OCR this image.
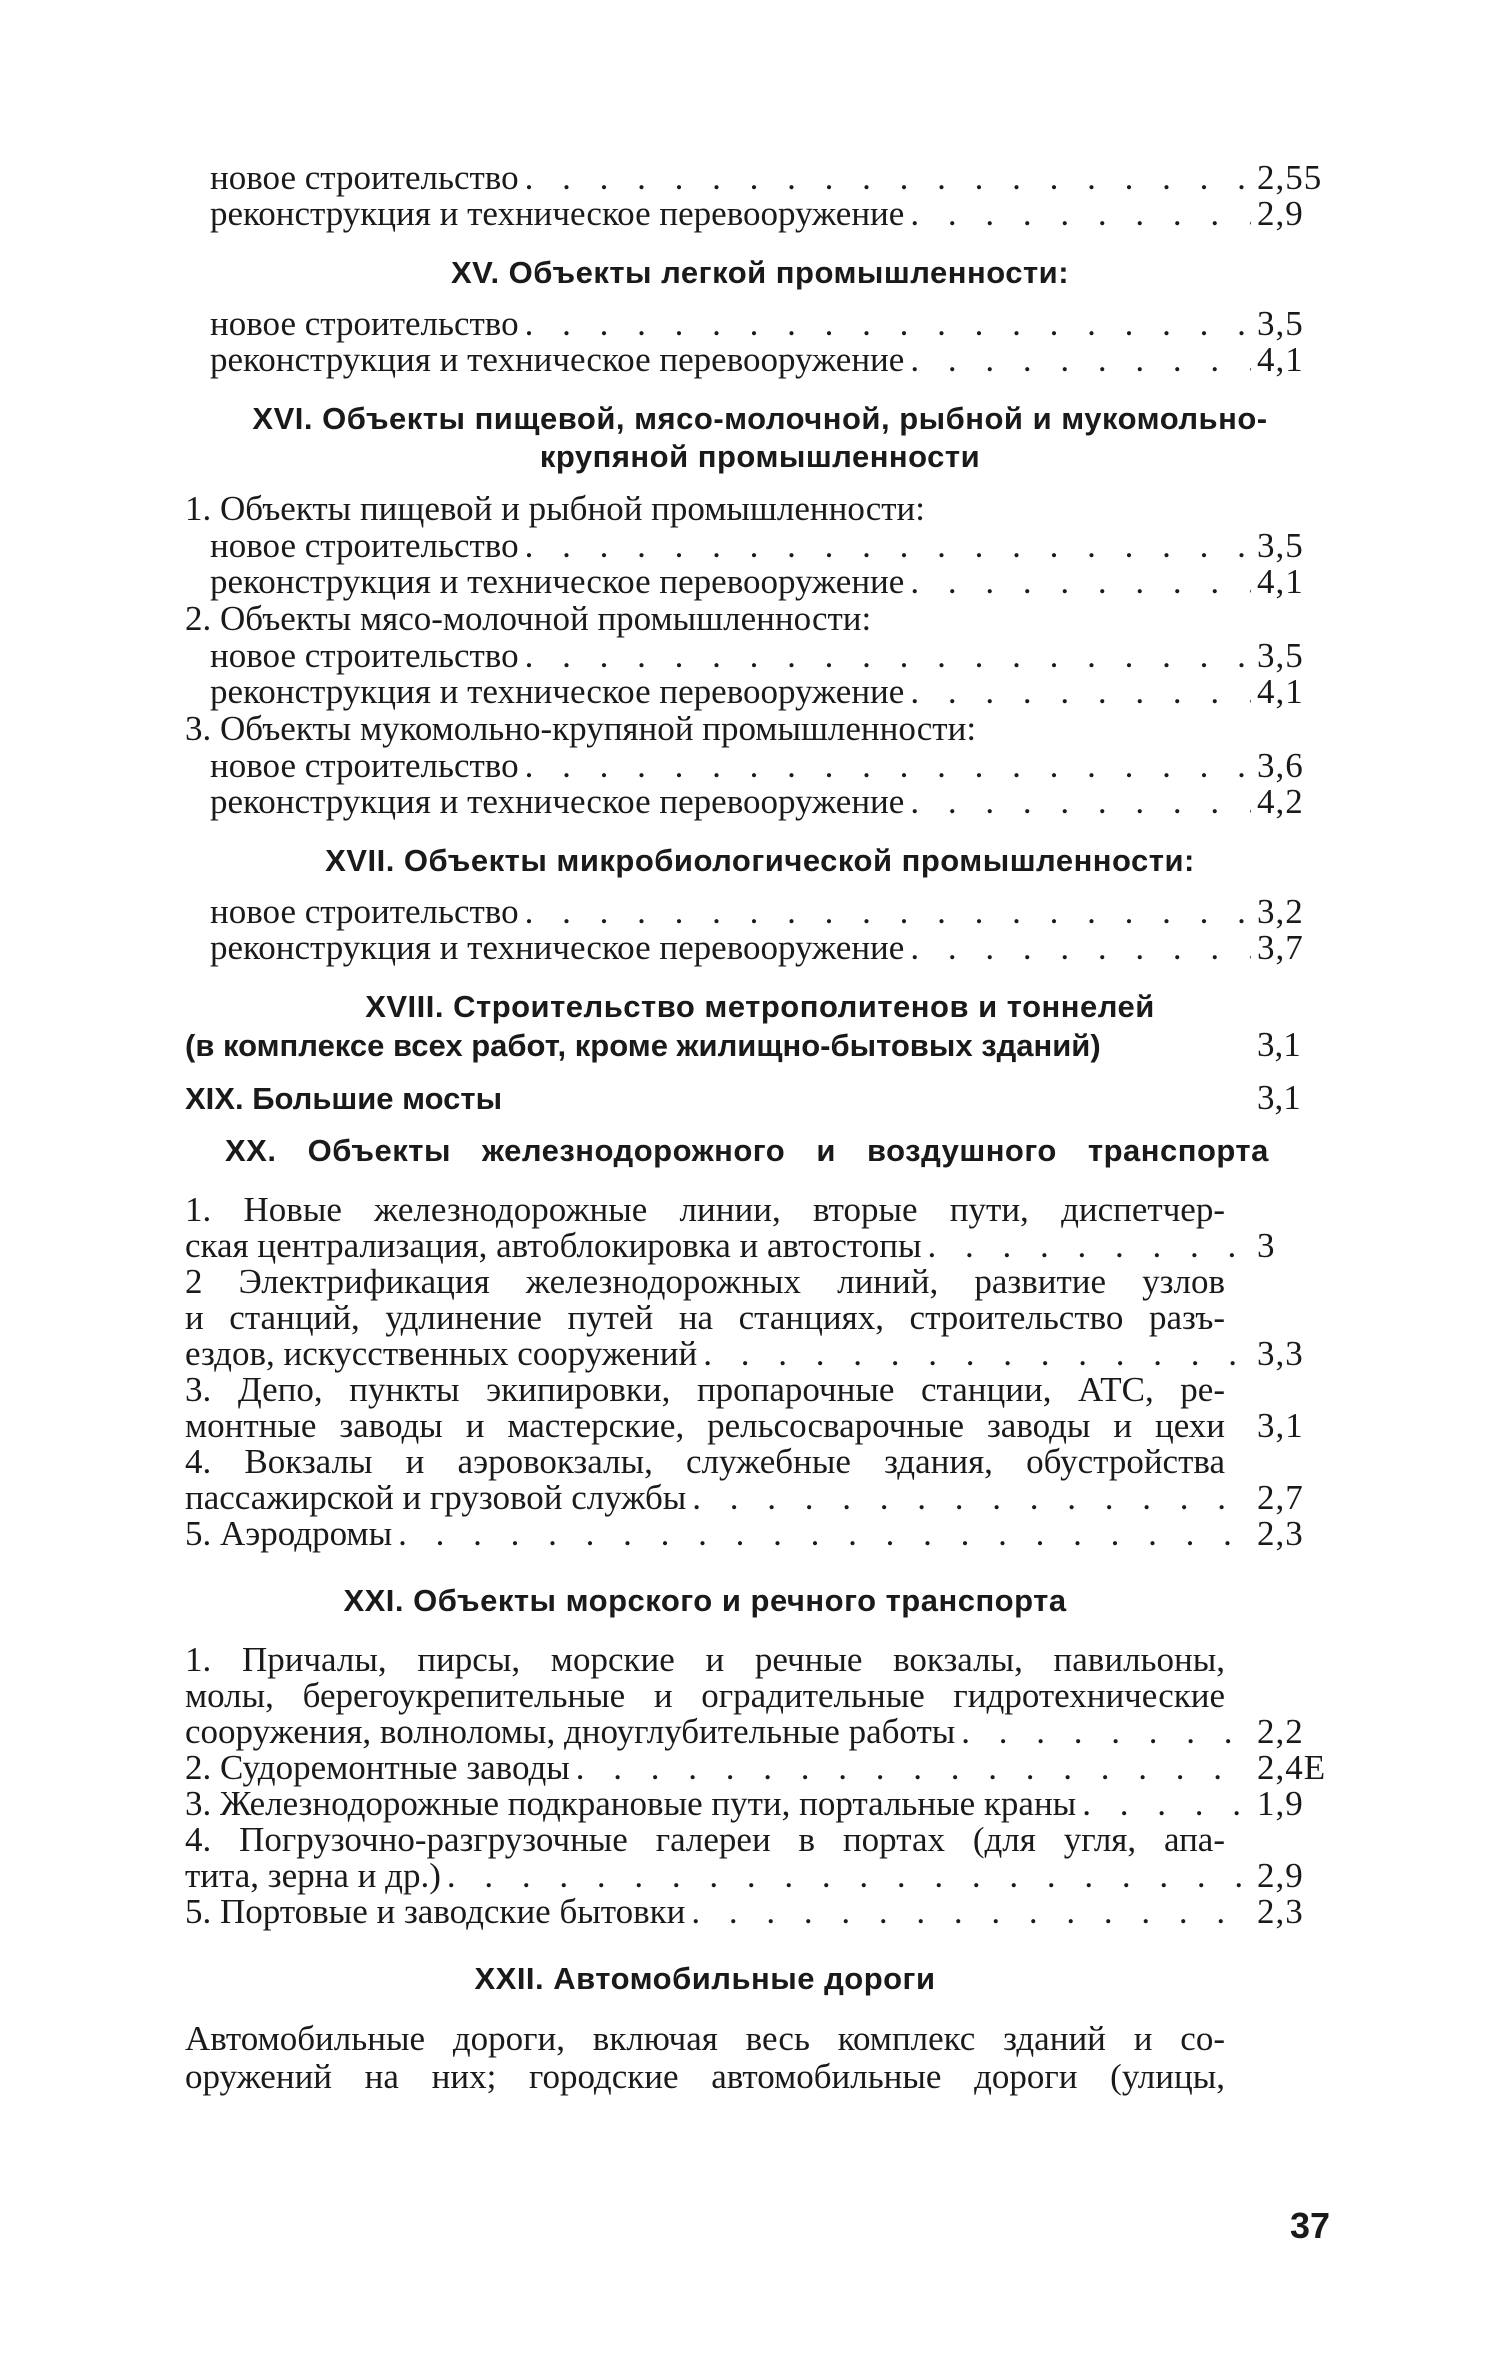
новое строительство . . .	2,55
реконструкция и техническое перевооружение . . .	2,9
XV. Объекты легкой промышленности:
новое строительство . . .	3,5
реконструкция и техническое перевооружение . . .	4,1
XVI. Объекты пищевой, мясо-молочной, рыбной и мукомольно-
крупяной промышленности
1. Объекты пищевой и рыбной промышленности:
новое строительство . . .	3,5
реконструкция и техническое перевооружение . . .	4,1
2. Объекты мясо-молочной промышленности:
новое строительство . . .	3,5
реконструкция и техническое перевооружение . . .	4,1
3. Объекты мукомольно-крупяной промышленности:
новое строительство . . .	3,6
реконструкция и техническое перевооружение . . .	4,2
XVII. Объекты микробиологической промышленности:
новое строительство . . .	3,2
реконструкция и техническое перевооружение . . .	3,7
XVIII. Строительство метрополитенов и тоннелей
(в комплексе всех работ, кроме жилищно-бытовых зданий)	3,1
XIX. Большие мосты	3,1
XX. Объекты железнодорожного и воздушного транспорта
1. Новые железнодорожные линии, вторые пути, диспетчер-
ская централизация, автоблокировка и автостопы . . .	3
2 Электрификация железнодорожных линий, развитие узлов
и станций, удлинение путей на станциях, строительство разъ-
ездов, искусственных сооружений . . .	3,3
3. Депо, пункты экипировки, пропарочные станции, АТС, ре-
монтные заводы и мастерские, рельсосварочные заводы и цехи 3,1
4. Вокзалы и аэровокзалы, служебные здания, обустройства
пассажирской и грузовой службы . . .	2,7
5. Аэродромы . . .	2,3
XXI. Объекты морского и речного транспорта
1. Причалы, пирсы, морские и речные вокзалы, павильоны,
молы, берегоукрепительные и оградительные гидротехнические
сооружения, волноломы, дноуглубительные работы . . .	2,2
2. Судоремонтные заводы . . .	2,4Е
3. Железнодорожные подкрановые пути, портальные краны . . .	1,9
4. Погрузочно-разгрузочные галереи в портах (для угля, апа-
тита, зерна и др.) . . .	2,9
5. Портовые и заводские бытовки . . .	2,3
XXII. Автомобильные дороги
Автомобильные дороги, включая весь комплекс зданий и со-
оружений на них; городские автомобильные дороги (улицы,
37
